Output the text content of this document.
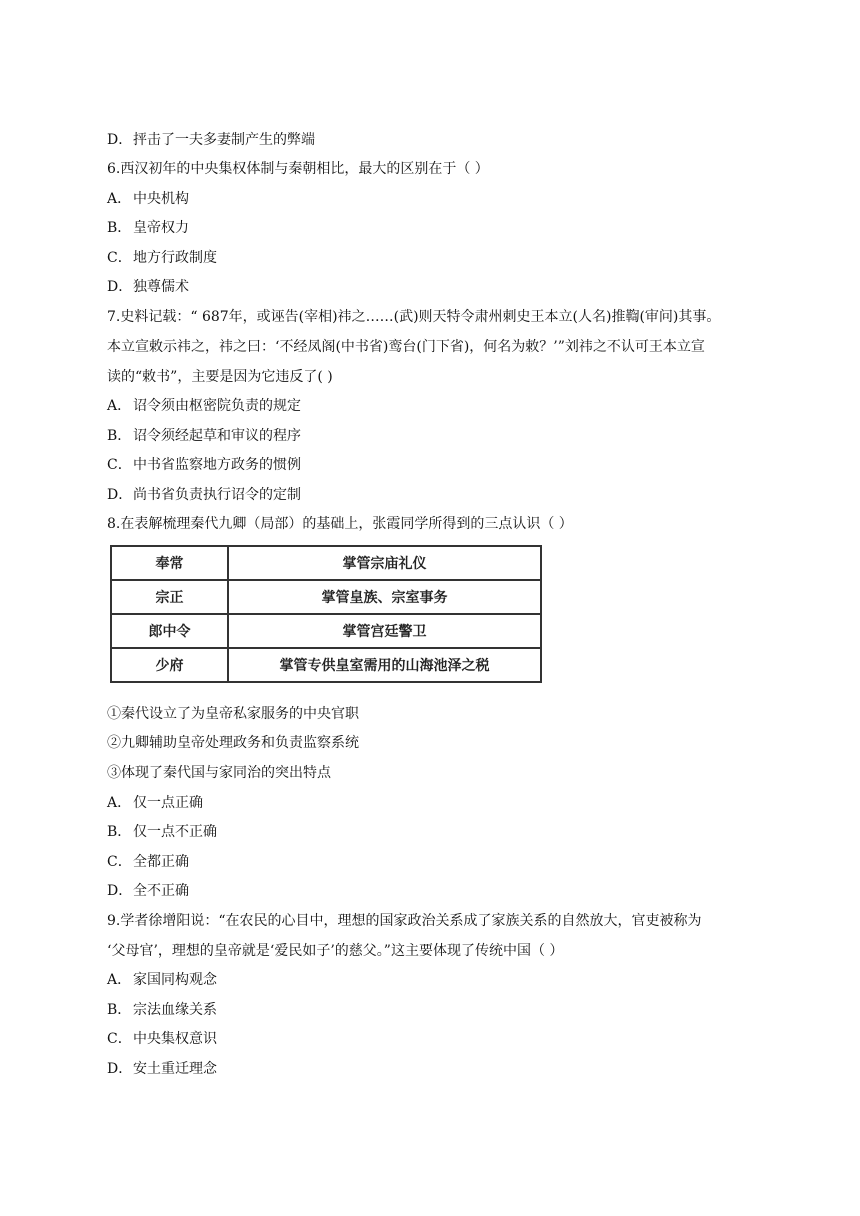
D．抨击了一夫多妻制产生的弊端
6.西汉初年的中央集权体制与秦朝相比，最大的区别在于（ ）
A． 中央机构
B． 皇帝权力
C．地方行政制度
D．独尊儒术
7.史料记载：“ 687年，或诬告(宰相)祎之……(武)则天特令肃州刺史王本立(人名)推鞫(审问)其事。
本立宣敕示祎之，祎之曰：‘不经凤阁(中书省)鸾台(门下省)，何名为敕？’”刘祎之不认可王本立宣
读的“敕书”，主要是因为它违反了( )
A． 诏令须由枢密院负责的规定
B． 诏令须经起草和审议的程序
C．中书省监察地方政务的惯例
D．尚书省负责执行诏令的定制
8.在表解梳理秦代九卿（局部）的基础上，张霞同学所得到的三点认识（ ）
奉常	掌管宗庙礼仪
宗正	掌管皇族、宗室事务
郎中令	掌管宫廷警卫
少府	掌管专供皇室需用的山海池泽之税
①秦代设立了为皇帝私家服务的中央官职
②九卿辅助皇帝处理政务和负责监察系统
③体现了秦代国与家同治的突出特点
A． 仅一点正确
B． 仅一点不正确
C．全都正确
D．全不正确
9.学者徐增阳说：“在农民的心目中，理想的国家政治关系成了家族关系的自然放大，官吏被称为
‘父母官’，理想的皇帝就是‘爱民如子’的慈父。”这主要体现了传统中国（ ）
A． 家国同构观念
B． 宗法血缘关系
C．中央集权意识
D．安土重迁理念
